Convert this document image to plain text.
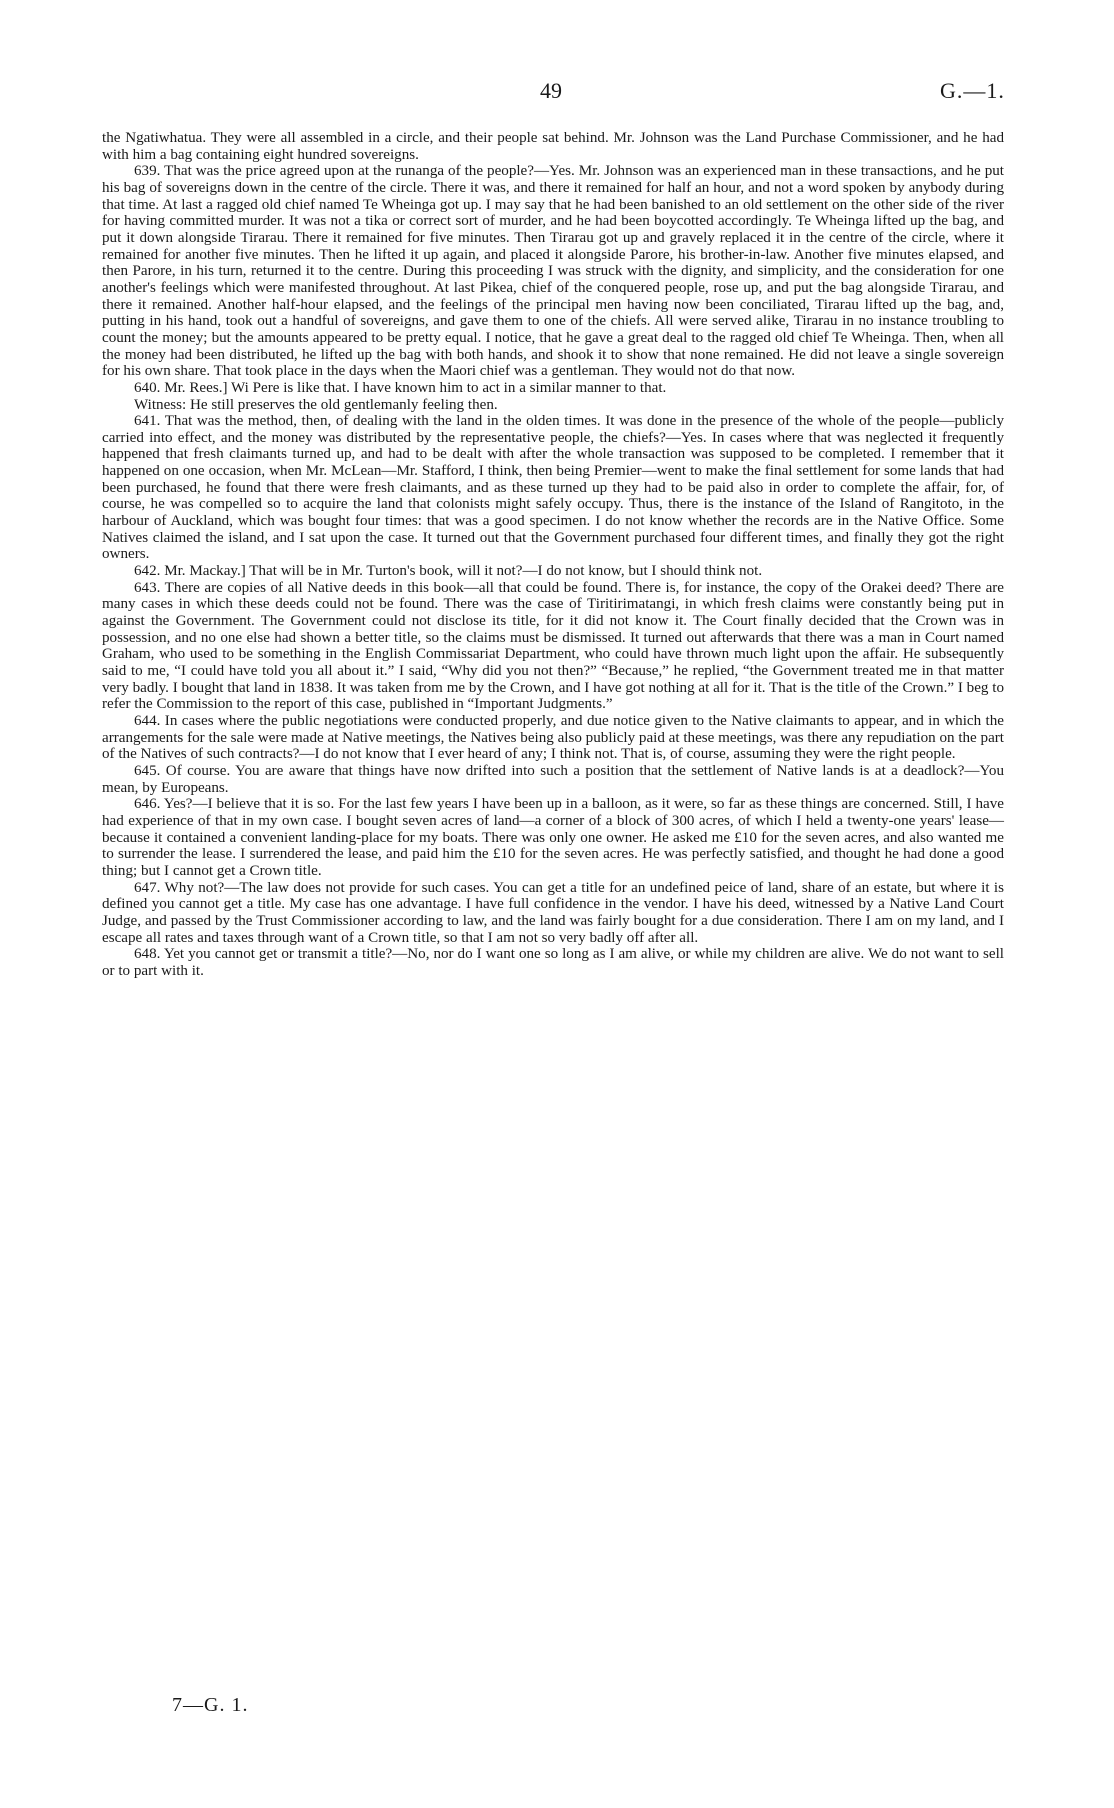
49	G.—1.

the Ngatiwhatua. They were all assembled in a circle, and their people sat behind. Mr. Johnson was the Land Purchase Commissioner, and he had with him a bag containing eight hundred sovereigns.

639. That was the price agreed upon at the runanga of the people?—Yes. Mr. Johnson was an experienced man in these transactions, and he put his bag of sovereigns down in the centre of the circle. There it was, and there it remained for half an hour, and not a word spoken by anybody during that time. At last a ragged old chief named Te Wheinga got up. I may say that he had been banished to an old settlement on the other side of the river for having committed murder. It was not a tika or correct sort of murder, and he had been boycotted accordingly. Te Wheinga lifted up the bag, and put it down alongside Tirarau. There it remained for five minutes. Then Tirarau got up and gravely replaced it in the centre of the circle, where it remained for another five minutes. Then he lifted it up again, and placed it alongside Parore, his brother-in-law. Another five minutes elapsed, and then Parore, in his turn, returned it to the centre. During this proceeding I was struck with the dignity, and simplicity, and the consideration for one another's feelings which were manifested throughout. At last Pikea, chief of the conquered people, rose up, and put the bag alongside Tirarau, and there it remained. Another half-hour elapsed, and the feelings of the principal men having now been conciliated, Tirarau lifted up the bag, and, putting in his hand, took out a handful of sovereigns, and gave them to one of the chiefs. All were served alike, Tirarau in no instance troubling to count the money; but the amounts appeared to be pretty equal. I notice, that he gave a great deal to the ragged old chief Te Wheinga. Then, when all the money had been distributed, he lifted up the bag with both hands, and shook it to show that none remained. He did not leave a single sovereign for his own share. That took place in the days when the Maori chief was a gentleman. They would not do that now.

640. Mr. Rees.] Wi Pere is like that. I have known him to act in a similar manner to that.

Witness: He still preserves the old gentlemanly feeling then.

641. That was the method, then, of dealing with the land in the olden times. It was done in the presence of the whole of the people—publicly carried into effect, and the money was distributed by the representative people, the chiefs?—Yes. In cases where that was neglected it frequently happened that fresh claimants turned up, and had to be dealt with after the whole transaction was supposed to be completed. I remember that it happened on one occasion, when Mr. McLean—Mr. Stafford, I think, then being Premier—went to make the final settlement for some lands that had been purchased, he found that there were fresh claimants, and as these turned up they had to be paid also in order to complete the affair, for, of course, he was compelled so to acquire the land that colonists might safely occupy. Thus, there is the instance of the Island of Rangitoto, in the harbour of Auckland, which was bought four times: that was a good specimen. I do not know whether the records are in the Native Office. Some Natives claimed the island, and I sat upon the case. It turned out that the Government purchased four different times, and finally they got the right owners.

642. Mr. Mackay.] That will be in Mr. Turton's book, will it not?—I do not know, but I should think not.

643. There are copies of all Native deeds in this book—all that could be found. There is, for instance, the copy of the Orakei deed? There are many cases in which these deeds could not be found. There was the case of Tiritirimatangi, in which fresh claims were constantly being put in against the Government. The Government could not disclose its title, for it did not know it. The Court finally decided that the Crown was in possession, and no one else had shown a better title, so the claims must be dismissed. It turned out afterwards that there was a man in Court named Graham, who used to be something in the English Commissariat Department, who could have thrown much light upon the affair. He subsequently said to me, “I could have told you all about it.” I said, “Why did you not then?” “Because,” he replied, “the Government treated me in that matter very badly. I bought that land in 1838. It was taken from me by the Crown, and I have got nothing at all for it. That is the title of the Crown.” I beg to refer the Commission to the report of this case, published in “Important Judgments.”

644. In cases where the public negotiations were conducted properly, and due notice given to the Native claimants to appear, and in which the arrangements for the sale were made at Native meetings, the Natives being also publicly paid at these meetings, was there any repudiation on the part of the Natives of such contracts?—I do not know that I ever heard of any; I think not. That is, of course, assuming they were the right people.

645. Of course. You are aware that things have now drifted into such a position that the settlement of Native lands is at a deadlock?—You mean, by Europeans.

646. Yes?—I believe that it is so. For the last few years I have been up in a balloon, as it were, so far as these things are concerned. Still, I have had experience of that in my own case. I bought seven acres of land—a corner of a block of 300 acres, of which I held a twenty-one years' lease—because it contained a convenient landing-place for my boats. There was only one owner. He asked me £10 for the seven acres, and also wanted me to surrender the lease. I surrendered the lease, and paid him the £10 for the seven acres. He was perfectly satisfied, and thought he had done a good thing; but I cannot get a Crown title.

647. Why not?—The law does not provide for such cases. You can get a title for an undefined peice of land, share of an estate, but where it is defined you cannot get a title. My case has one advantage. I have full confidence in the vendor. I have his deed, witnessed by a Native Land Court Judge, and passed by the Trust Commissioner according to law, and the land was fairly bought for a due consideration. There I am on my land, and I escape all rates and taxes through want of a Crown title, so that I am not so very badly off after all.

648. Yet you cannot get or transmit a title?—No, nor do I want one so long as I am alive, or while my children are alive. We do not want to sell or to part with it.

7—G. 1.
